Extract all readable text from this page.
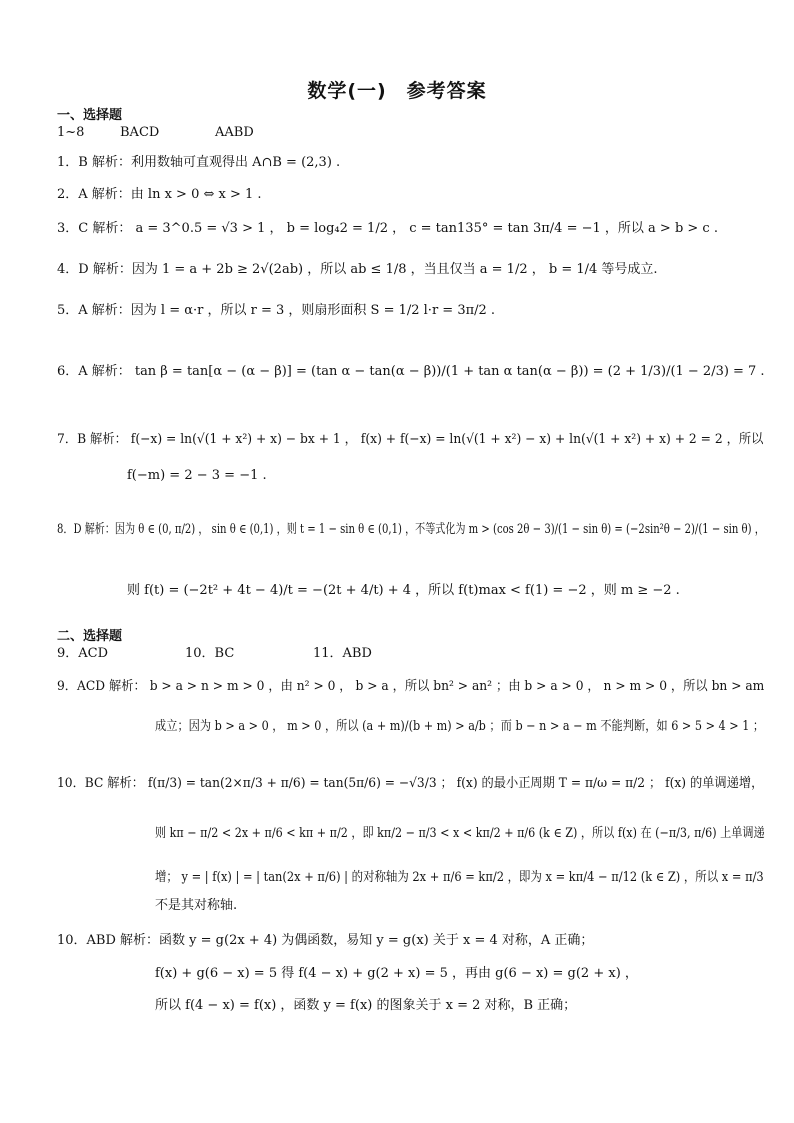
数学(一)　参考答案
一、选择题
1~8	BACD	AABD
1．B 解析：利用数轴可直观得出 A∩B = (2,3) .
2．A 解析：由 ln x > 0 ⇔ x > 1 .
3．C 解析： a = 3^0.5 = √3 > 1 ， b = log₄2 = 1/2 ， c = tan135° = tan 3π/4 = −1 ，所以 a > b > c .
4．D 解析：因为 1 = a + 2b ≥ 2√(2ab) ，所以 ab ≤ 1/8 ，当且仅当 a = 1/2 ， b = 1/4 等号成立.
5．A 解析：因为 l = α·r ，所以 r = 3 ，则扇形面积 S = 1/2 l·r = 3π/2 .
6．A 解析： tan β = tan[α − (α − β)] = (tan α − tan(α − β))/(1 + tan α tan(α − β)) = (2 + 1/3)/(1 − 2/3) = 7 .
7．B 解析： f(−x) = ln(√(1 + x²) + x) − bx + 1 ， f(x) + f(−x) = ln(√(1 + x²) − x) + ln(√(1 + x²) + x) + 2 = 2 ，所以
f(−m) = 2 − 3 = −1 .
8．D 解析：因为 θ ∈ (0, π/2) ， sin θ ∈ (0,1) ，则 t = 1 − sin θ ∈ (0,1) ，不等式化为 m > (cos 2θ − 3)/(1 − sin θ) = (−2sin²θ − 2)/(1 − sin θ) ，
则 f(t) = (−2t² + 4t − 4)/t = −(2t + 4/t) + 4 ，所以 f(t)max < f(1) = −2 ，则 m ≥ −2 .
二、选择题
9．ACD	10．BC	11．ABD
9．ACD 解析： b > a > n > m > 0 ，由 n² > 0 ， b > a ，所以 bn² > an² ；由 b > a > 0 ， n > m > 0 ，所以 bn > am
成立；因为 b > a > 0 ， m > 0 ，所以 (a + m)/(b + m) > a/b ；而 b − n > a − m 不能判断，如 6 > 5 > 4 > 1 ；
10．BC 解析： f(π/3) = tan(2×π/3 + π/6) = tan(5π/6) = −√3/3 ； f(x) 的最小正周期 T = π/ω = π/2 ； f(x) 的单调递增，
则 kπ − π/2 < 2x + π/6 < kπ + π/2 ，即 kπ/2 − π/3 < x < kπ/2 + π/6 (k ∈ Z) ，所以 f(x) 在 (−π/3, π/6) 上单调递
增； y = | f(x) | = | tan(2x + π/6) | 的对称轴为 2x + π/6 = kπ/2 ，即为 x = kπ/4 − π/12 (k ∈ Z) ，所以 x = π/3
不是其对称轴.
10．ABD 解析：函数 y = g(2x + 4) 为偶函数，易知 y = g(x) 关于 x = 4 对称，A 正确；
f(x) + g(6 − x) = 5 得 f(4 − x) + g(2 + x) = 5 ，再由 g(6 − x) = g(2 + x) ，
所以 f(4 − x) = f(x) ，函数 y = f(x) 的图象关于 x = 2 对称，B 正确；
